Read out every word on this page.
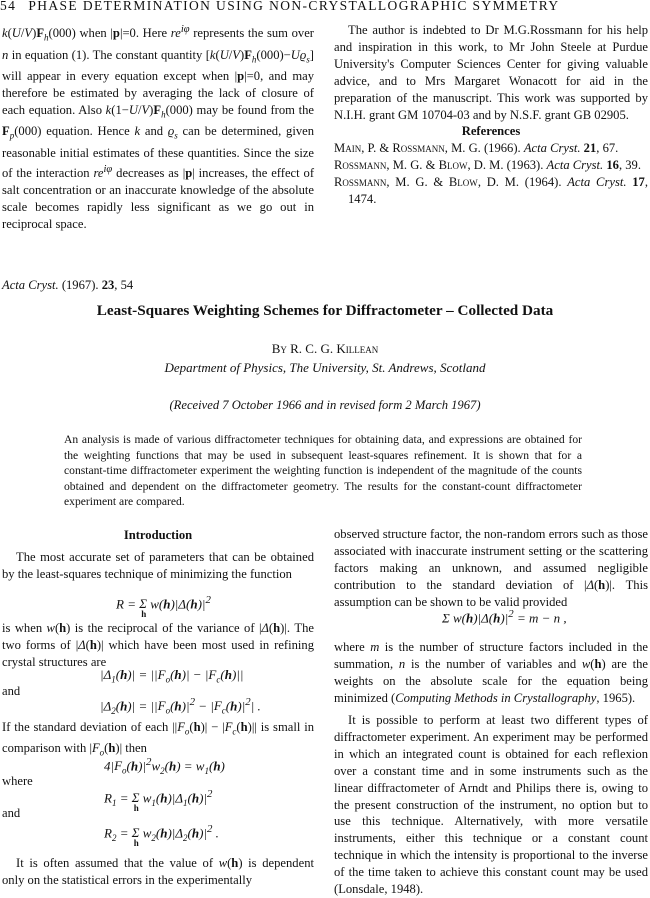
54 PHASE DETERMINATION USING NON-CRYSTALLOGRAPHIC SYMMETRY

$k(U/V)F_h(000)$ when |p|=0. Here $re^{i\varphi}$ represents the sum over n in equation (1). The constant quantity $[k(U/V)F_h(000)-Uϱ_s]$ will appear in every equation except when |p|=0, and may therefore be estimated by averaging the lack of closure of each equation. Also $k(1-U/V)F_h(000)$ may be found from the $F_p(000)$ equation. Hence k and $ϱ_s$ can be determined, given reasonable initial estimates of these quantities. Since the size of the interaction $re^{i\varphi}$ decreases as |p| increases, the effect of salt concentration or an inaccurate knowledge of the absolute scale becomes rapidly less significant as we go out in reciprocal space.

The author is indebted to Dr M.G.Rossmann for his help and inspiration in this work, to Mr John Steele at Purdue University's Computer Sciences Center for giving valuable advice, and to Mrs Margaret Wonacott for aid in the preparation of the manuscript. This work was supported by N.I.H. grant GM 10704-03 and by N.S.F. grant GB 02905.

References

Main, P. & Rossmann, M. G. (1966). Acta Cryst. 21, 67.

Rossmann, M. G. & Blow, D. M. (1963). Acta Cryst. 16, 39.

Rossmann, M. G. & Blow, D. M. (1964). Acta Cryst. 17, 1474.

Acta Cryst. (1967). 23, 54
Least-Squares Weighting Schemes for Diffractometer – Collected Data
By R. C. G. Killean
Department of Physics, The University, St. Andrews, Scotland
(Received 7 October 1966 and in revised form 2 March 1967)
An analysis is made of various diffractometer techniques for obtaining data, and expressions are obtained for the weighting functions that may be used in subsequent least-squares refinement. It is shown that for a constant-time diffractometer experiment the weighting function is independent of the magnitude of the counts obtained and dependent on the diffractometer geometry. The results for the constant-count diffractometer experiment are compared.
Introduction

The most accurate set of parameters that can be obtained by the least-squares technique of minimizing the function

R = Σ
h
$w(h)|\Delta(h)|^2$

is when w(h) is the reciprocal of the variance of |Δ(h)|. The two forms of |Δ(h)| which have been most used in refining crystal structures are

$|\Delta_1(h)| = ||F_o(h)| - |F_c(h)||$
and
$|\Delta_2(h)| = ||F_o(h)|^2 - |F_c(h)|^2|$ .

If the standard deviation of each $||F_o(h)| - |F_c(h)||$ is small in comparison with $|F_o(h)|$ then

$4|F_o(h)|^2w_2(h) = w_1(h)$
where
$R_1 = \Sigma$
h
$w_1(h)|\Delta_1(h)|^2$
and
$R_2 = \Sigma$
h
$w_2(h)|\Delta_2(h)|^2$ .

It is often assumed that the value of w(h) is dependent only on the statistical errors in the experimentally

observed structure factor, the non-random errors such as those associated with inaccurate instrument setting or the scattering factors making an unknown, and assumed negligible contribution to the standard deviation of |Δ(h)|. This assumption can be shown to be valid provided

Σ $w(h)|\Delta(h)|^2 = m - n$ ,

where m is the number of structure factors included in the summation, n is the number of variables and w(h) are the weights on the absolute scale for the equation being minimized (Computing Methods in Crystallography, 1965).

It is possible to perform at least two different types of diffractometer experiment. An experiment may be performed in which an integrated count is obtained for each reflexion over a constant time and in some instruments such as the linear diffractometer of Arndt and Philips there is, owing to the present construction of the instrument, no option but to use this technique. Alternatively, with more versatile instruments, either this technique or a constant count technique in which the intensity is proportional to the inverse of the time taken to achieve this constant count may be used (Lonsdale, 1948).
